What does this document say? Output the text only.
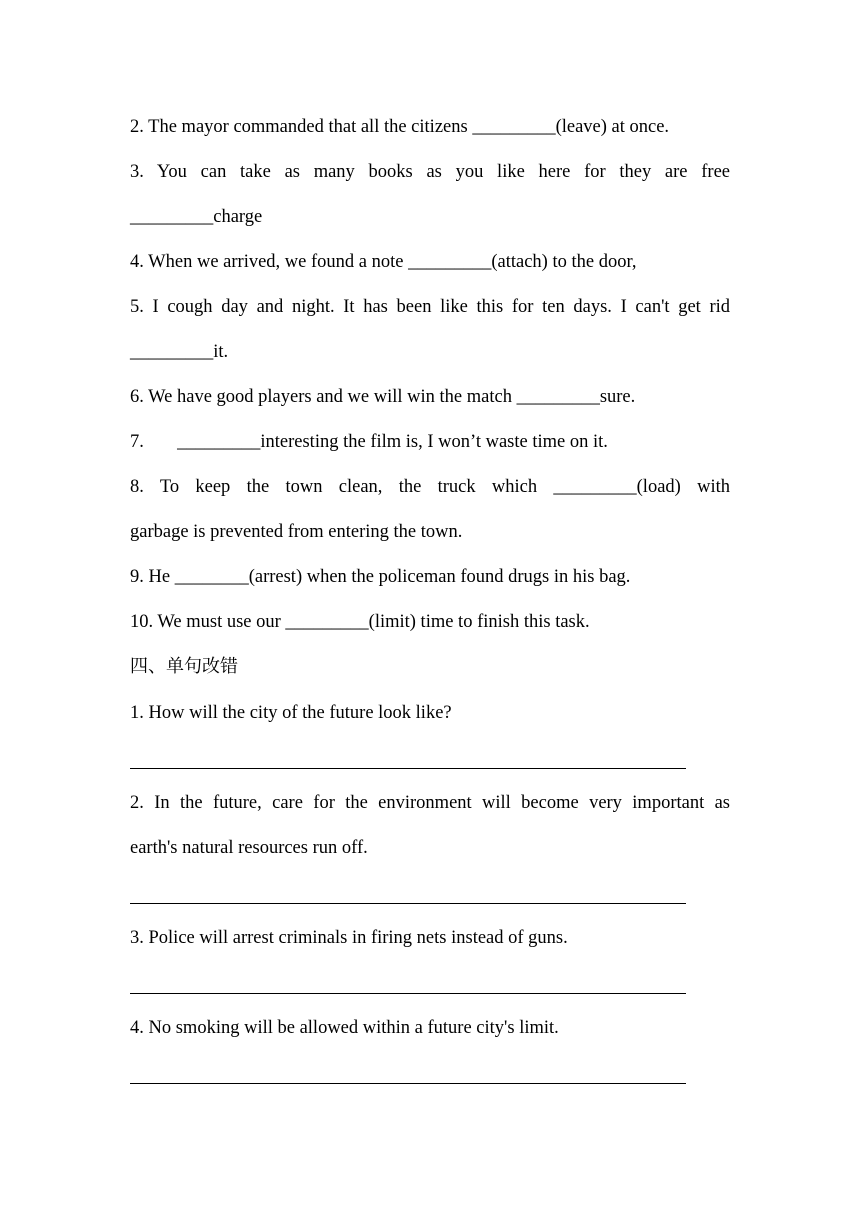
2. The mayor commanded that all the citizens _________(leave) at once.
3. You can take as many books as you like here for they are free
_________charge
4. When we arrived, we found a note _________(attach) to the door,
5. I cough day and night. It has been like this for ten days. I can't get rid
_________it.
6. We have good players and we will win the match _________sure.
7. _________interesting the film is, I won’t waste time on it.
8. To keep the town clean, the truck which _________(load) with
garbage is prevented from entering the town.
9. He ________(arrest) when the policeman found drugs in his bag.
10. We must use our _________(limit) time to finish this task.
四、单句改错
1. How will the city of the future look like?
2. In the future, care for the environment will become very important as
earth's natural resources run off.
3. Police will arrest criminals in firing nets instead of guns.
4. No smoking will be allowed within a future city's limit.
